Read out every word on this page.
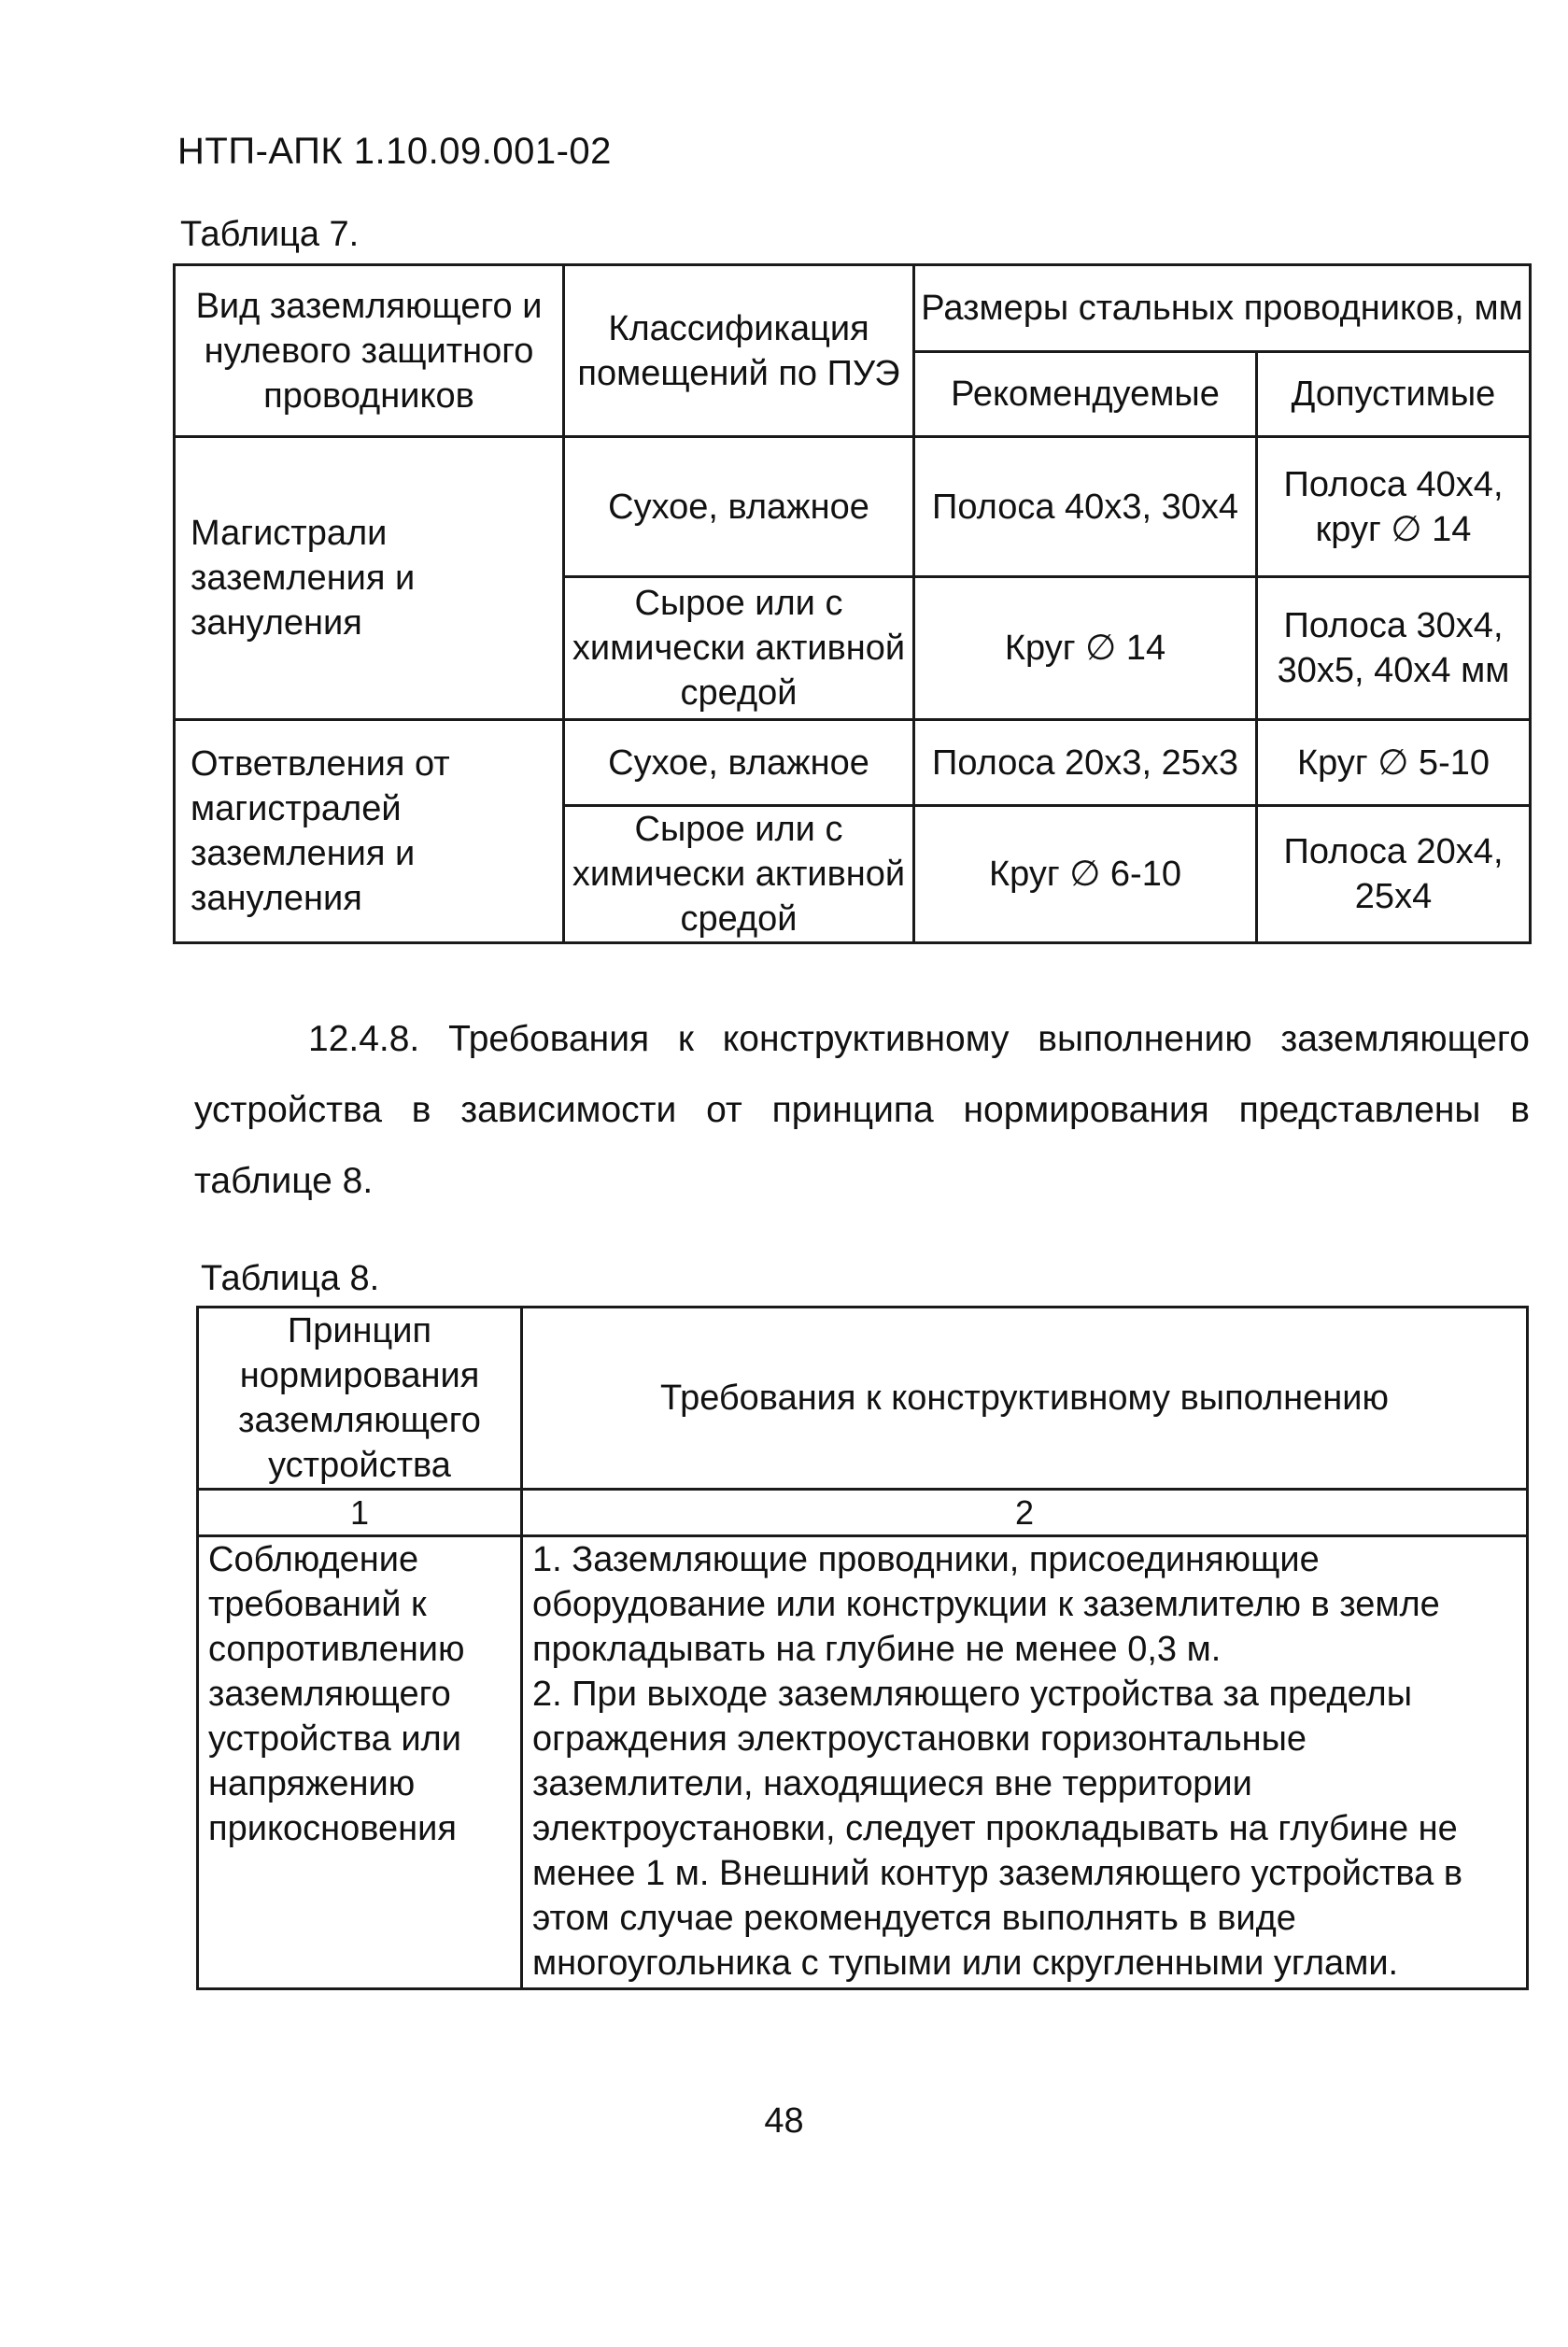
НТП-АПК 1.10.09.001-02
Таблица 7.
Вид заземляющего и нулевого защитного проводников	Классификация помещений по ПУЭ	Размеры стальных проводников, мм	
		Рекомендуемые	Допустимые
Магистрали заземления и зануления	Сухое, влажное	Полоса 40х3, 30х4	Полоса 40х4, круг ∅ 14
	Сырое или с химически активной средой	Круг ∅ 14	Полоса 30х4, 30х5, 40х4 мм
Ответвления от магистралей заземления и зануления	Сухое, влажное	Полоса 20х3, 25х3	Круг ∅ 5-10
	Сырое или с химически активной средой	Круг ∅ 6-10	Полоса 20х4, 25х4
12.4.8. Требования к конструктивному выполнению заземляющего устройства в зависимости от принципа нормирования представлены в таблице 8.
Таблица 8.
Принцип нормирования заземляющего устройства	Требования к конструктивному выполнению
1	2
Соблюдение требований к сопротивлению заземляющего устройства или напряжению прикосновения	1. Заземляющие проводники, присоединяющие оборудование или конструкции к заземлителю в земле прокладывать на глубине не менее 0,3 м.
2. При выходе заземляющего устройства за пределы ограждения электроустановки горизонтальные заземлители, находящиеся вне территории электроустановки, следует прокладывать на глубине не менее 1 м. Внешний контур заземляющего устройства в этом случае рекомендуется выполнять в виде многоугольника с тупыми или скругленными углами.
48
